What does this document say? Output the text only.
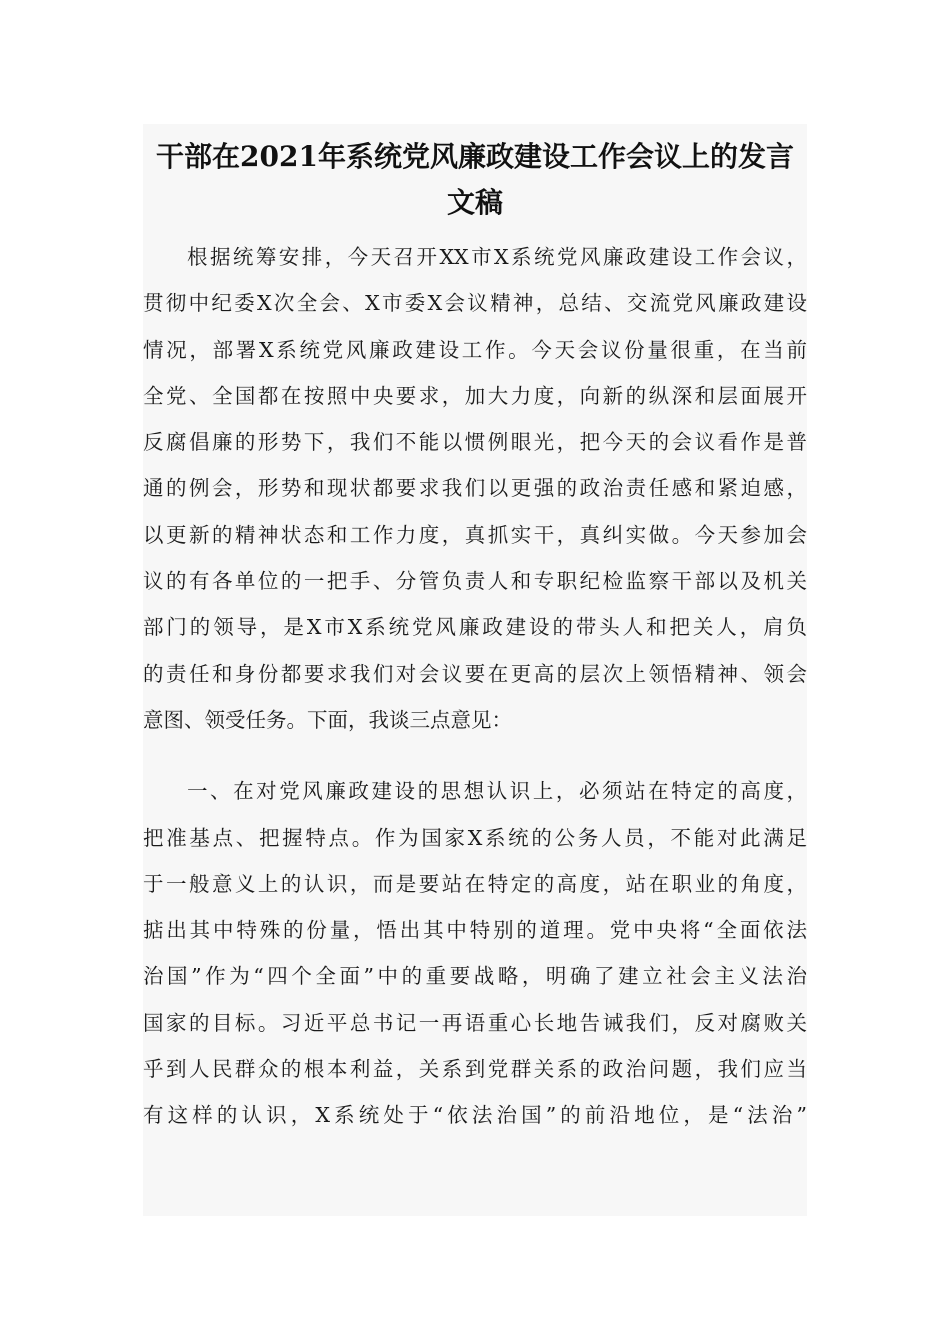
干部在2021年系统党风廉政建设工作会议上的发言
文稿

根据统筹安排，今天召开XX市X系统党风廉政建设工作会议，
贯彻中纪委X次全会、X市委X会议精神，总结、交流党风廉政建设
情况，部署X系统党风廉政建设工作。今天会议份量很重，在当前
全党、全国都在按照中央要求，加大力度，向新的纵深和层面展开
反腐倡廉的形势下，我们不能以惯例眼光，把今天的会议看作是普
通的例会，形势和现状都要求我们以更强的政治责任感和紧迫感，
以更新的精神状态和工作力度，真抓实干，真纠实做。今天参加会
议的有各单位的一把手、分管负责人和专职纪检监察干部以及机关
部门的领导，是X市X系统党风廉政建设的带头人和把关人，肩负
的责任和身份都要求我们对会议要在更高的层次上领悟精神、领会
意图、领受任务。下面，我谈三点意见：

一、在对党风廉政建设的思想认识上，必须站在特定的高度，
把准基点、把握特点。作为国家X系统的公务人员，不能对此满足
于一般意义上的认识，而是要站在特定的高度，站在职业的角度，
掂出其中特殊的份量，悟出其中特别的道理。党中央将“全面依法
治国”作为“四个全面”中的重要战略，明确了建立社会主义法治
国家的目标。习近平总书记一再语重心长地告诫我们，反对腐败关
乎到人民群众的根本利益，关系到党群关系的政治问题，我们应当
有这样的认识，X系统处于“依法治国”的前沿地位，是“法治”
